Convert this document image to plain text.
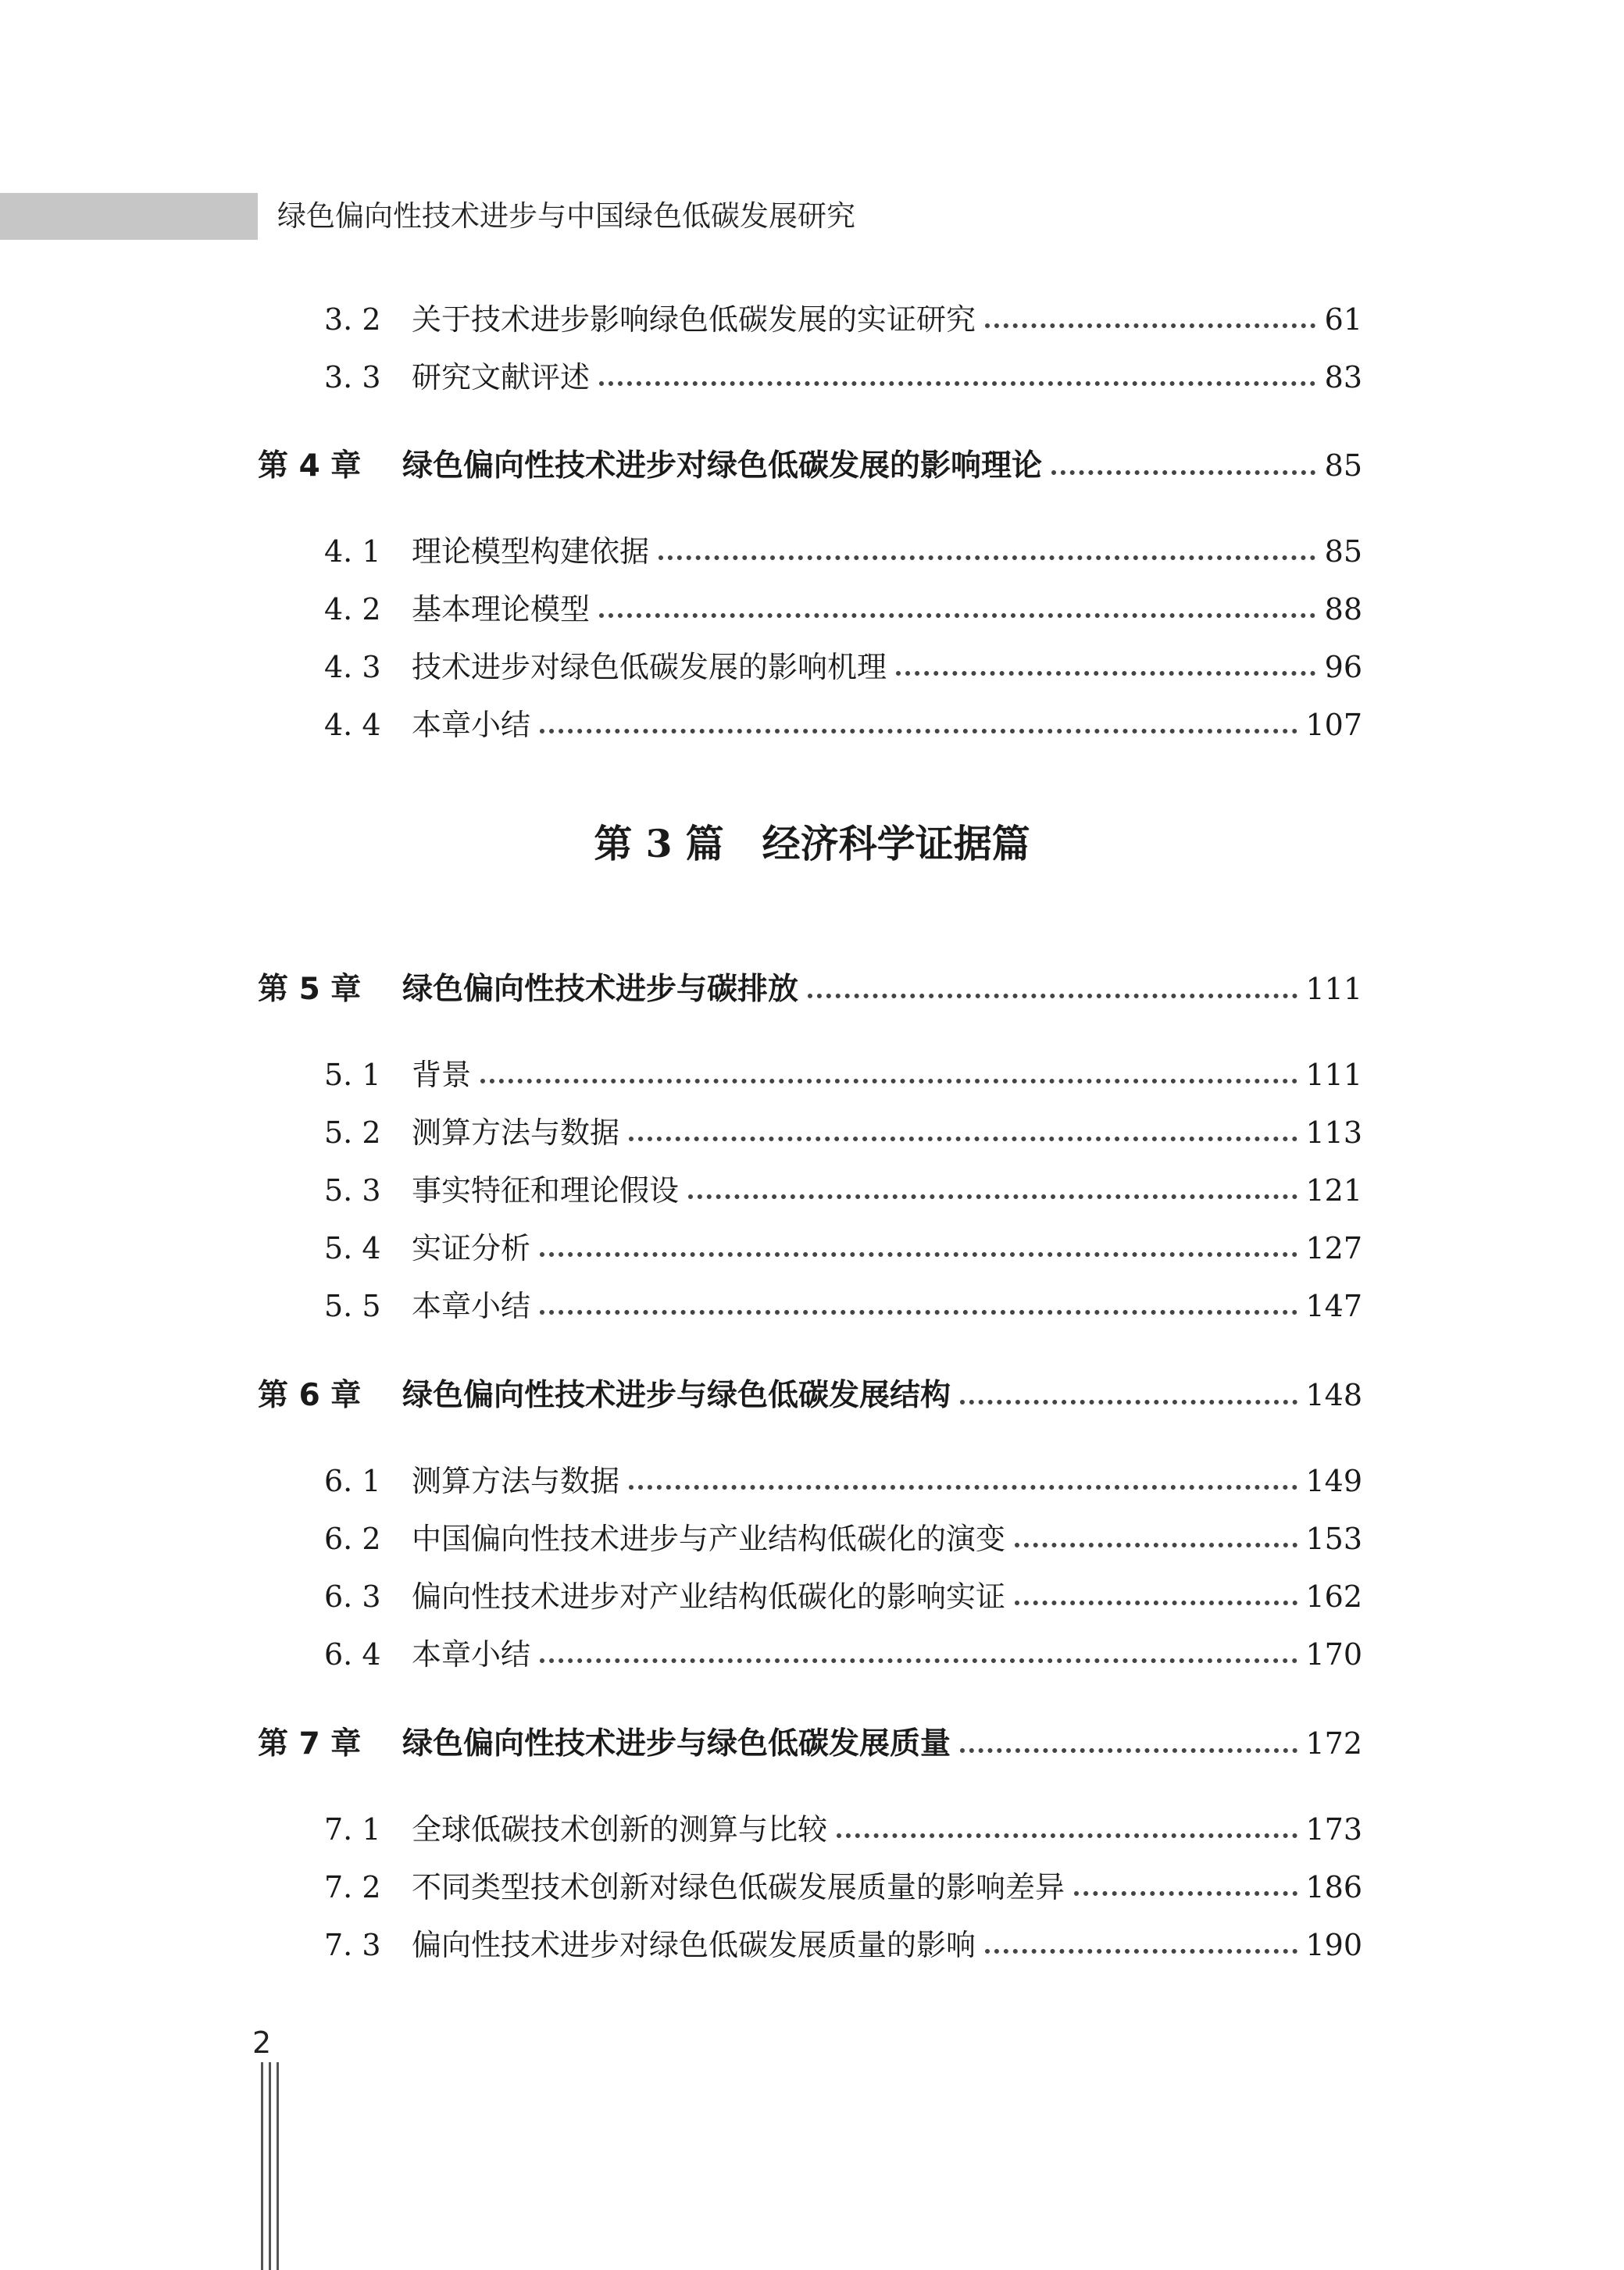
绿色偏向性技术进步与中国绿色低碳发展研究
3. 2	关于技术进步影响绿色低碳发展的实证研究	61
3. 3	研究文献评述	83
第 4 章	绿色偏向性技术进步对绿色低碳发展的影响理论	85
4. 1	理论模型构建依据	85
4. 2	基本理论模型	88
4. 3	技术进步对绿色低碳发展的影响机理	96
4. 4	本章小结	107
第 3 篇　经济科学证据篇
第 5 章	绿色偏向性技术进步与碳排放	111
5. 1	背景	111
5. 2	测算方法与数据	113
5. 3	事实特征和理论假设	121
5. 4	实证分析	127
5. 5	本章小结	147
第 6 章	绿色偏向性技术进步与绿色低碳发展结构	148
6. 1	测算方法与数据	149
6. 2	中国偏向性技术进步与产业结构低碳化的演变	153
6. 3	偏向性技术进步对产业结构低碳化的影响实证	162
6. 4	本章小结	170
第 7 章	绿色偏向性技术进步与绿色低碳发展质量	172
7. 1	全球低碳技术创新的测算与比较	173
7. 2	不同类型技术创新对绿色低碳发展质量的影响差异	186
7. 3	偏向性技术进步对绿色低碳发展质量的影响	190
2
